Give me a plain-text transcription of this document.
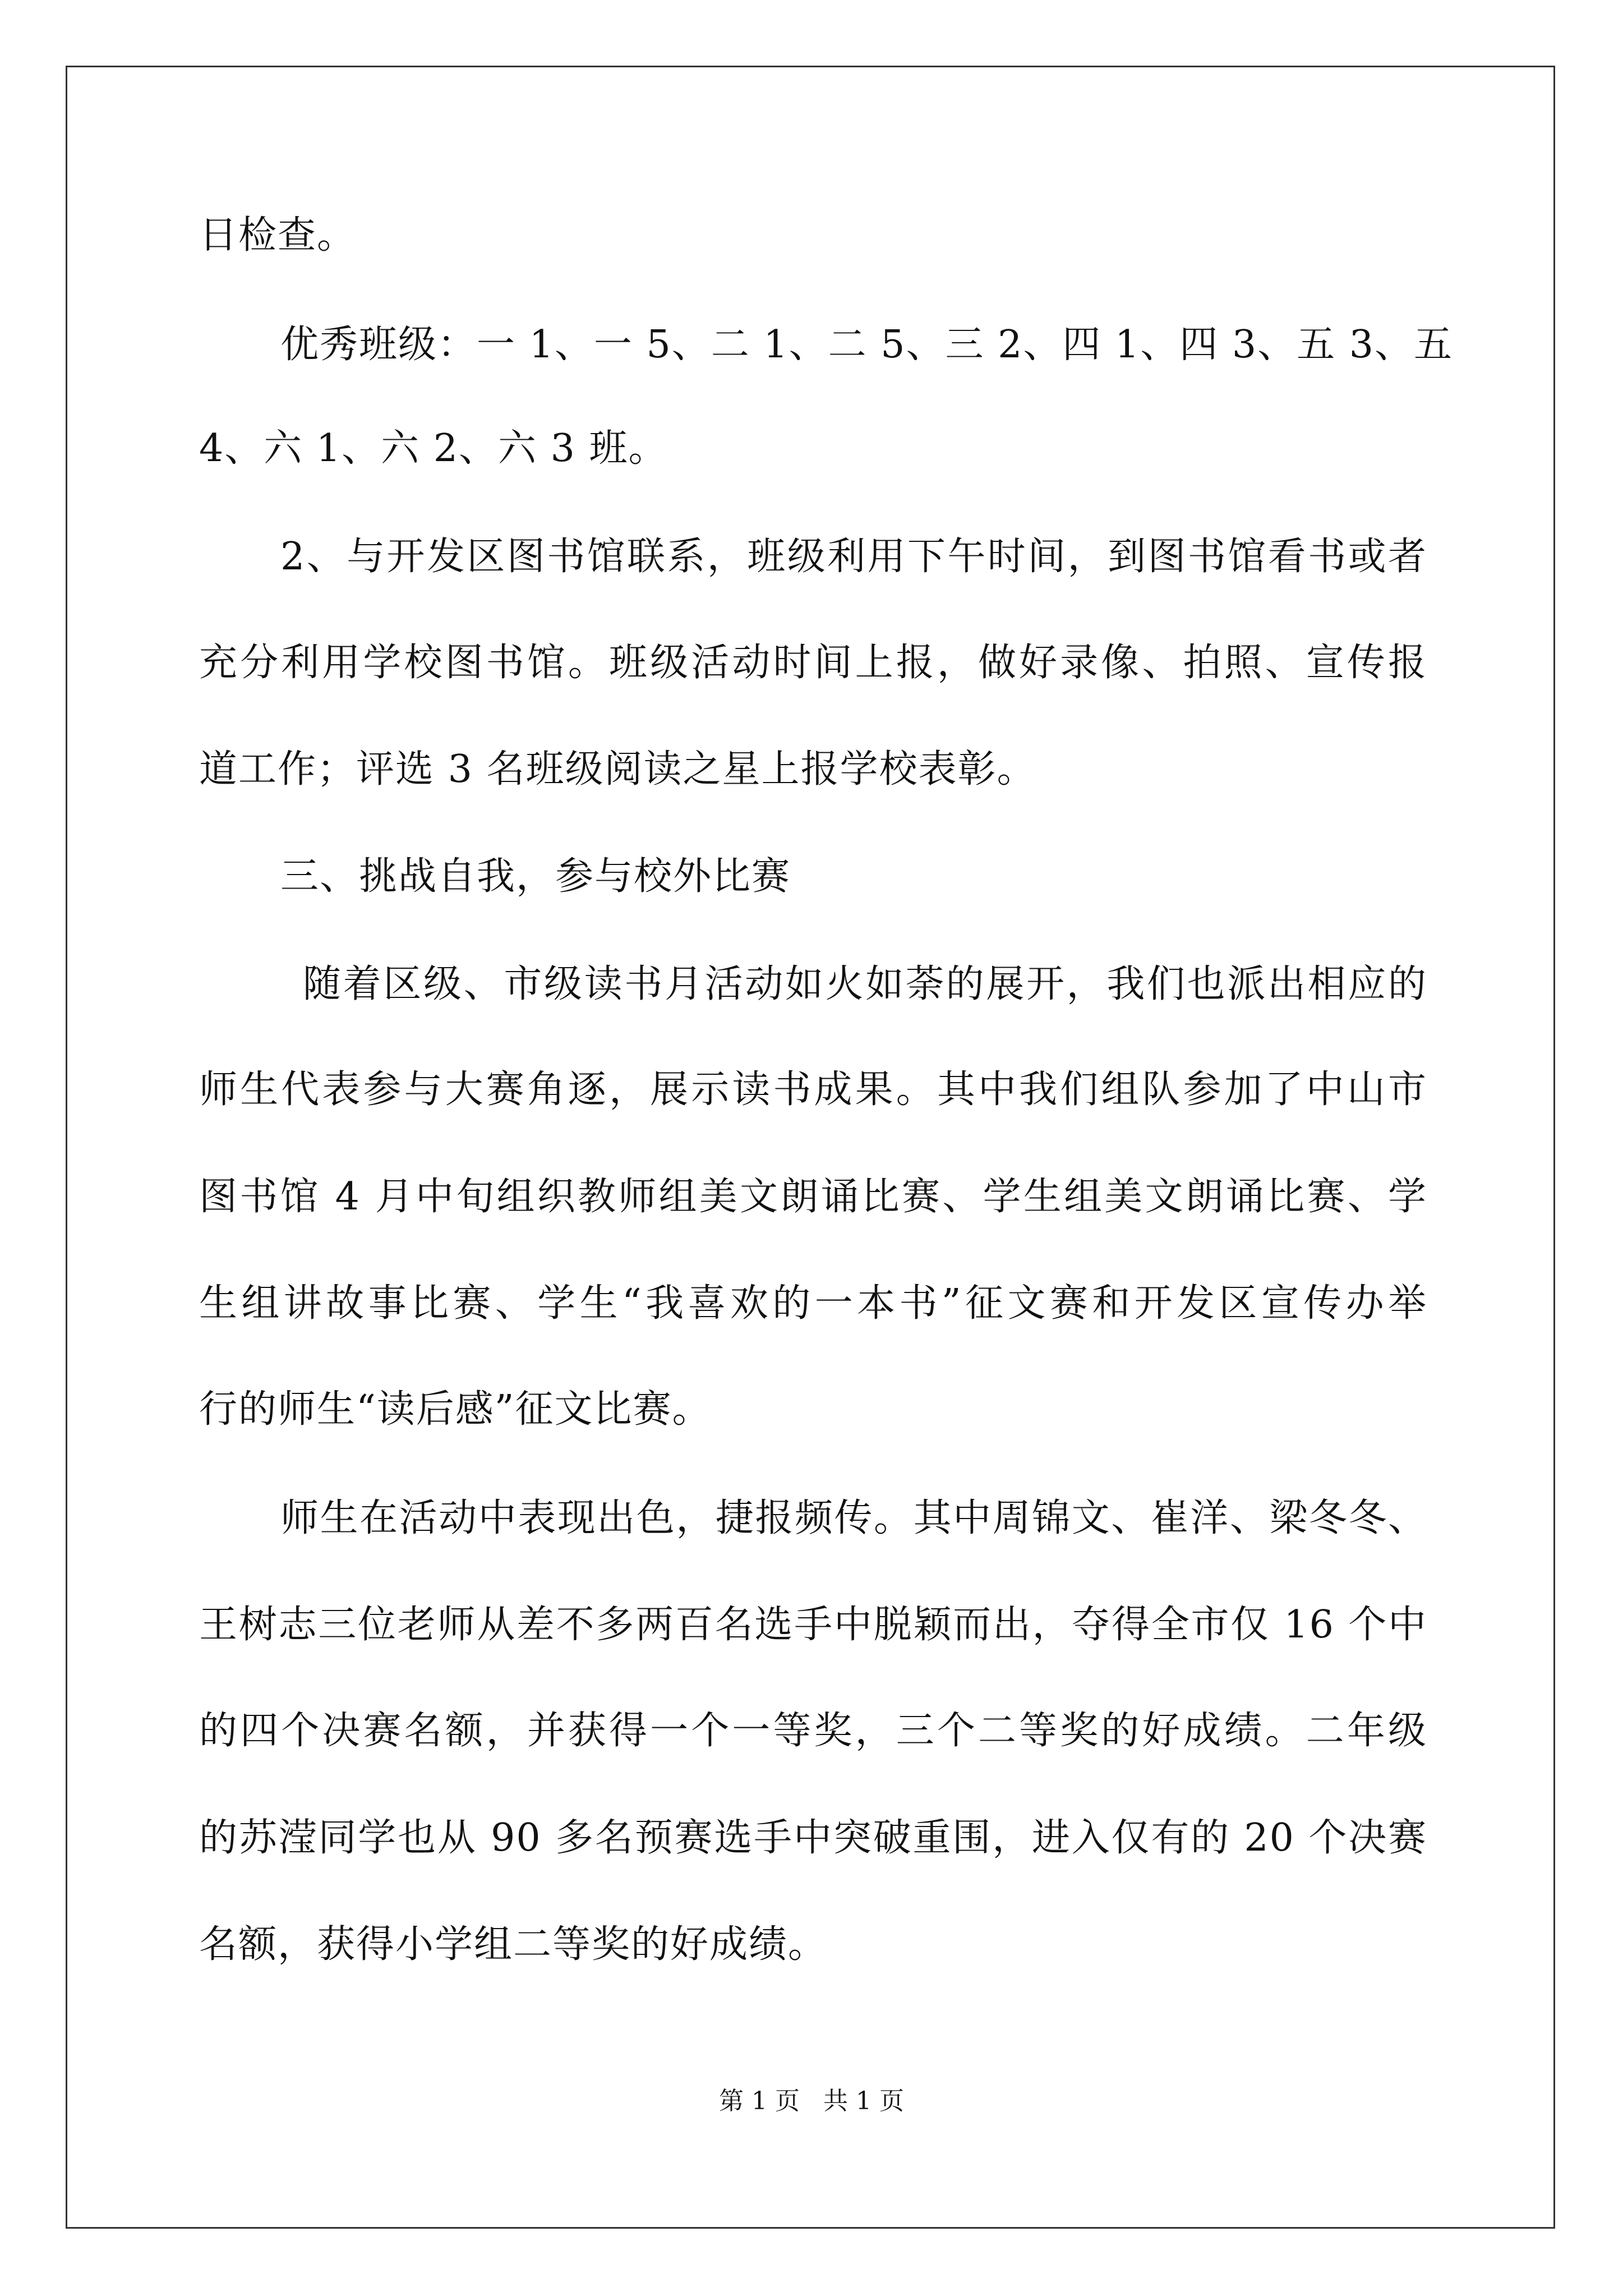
日检查。
优秀班级：一 1、一 5、二 1、二 5、三 2、四 1、四 3、五 3、五
4、六 1、六 2、六 3 班。
2、与开发区图书馆联系，班级利用下午时间，到图书馆看书或者
充分利用学校图书馆。班级活动时间上报，做好录像、拍照、宣传报
道工作；评选 3 名班级阅读之星上报学校表彰。
三、挑战自我，参与校外比赛
随着区级、市级读书月活动如火如荼的展开，我们也派出相应的
师生代表参与大赛角逐，展示读书成果。其中我们组队参加了中山市
图书馆 4 月中旬组织教师组美文朗诵比赛、学生组美文朗诵比赛、学
生组讲故事比赛、学生“我喜欢的一本书”征文赛和开发区宣传办举
行的师生“读后感”征文比赛。
师生在活动中表现出色，捷报频传。其中周锦文、崔洋、梁冬冬、
王树志三位老师从差不多两百名选手中脱颖而出，夺得全市仅 16 个中
的四个决赛名额，并获得一个一等奖，三个二等奖的好成绩。二年级
的苏滢同学也从 90 多名预赛选手中突破重围，进入仅有的 20 个决赛
名额，获得小学组二等奖的好成绩。
第 1 页 共 1 页
